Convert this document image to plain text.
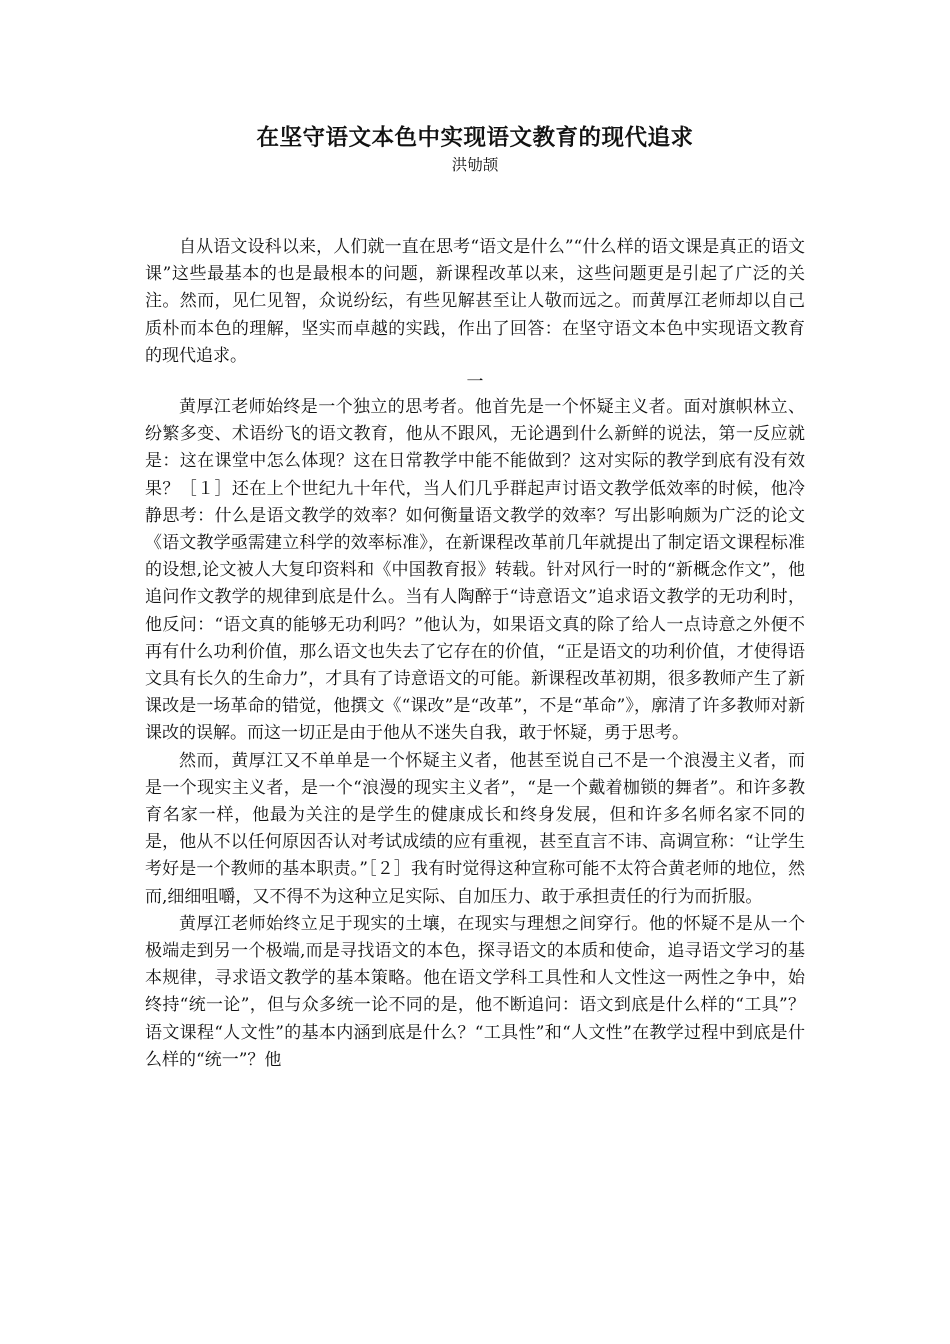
在坚守语文本色中实现语文教育的现代追求

洪劬颉

自从语文设科以来，人们就一直在思考“语文是什么”“什么样的语文课是真正的语文课”这些最基本的也是最根本的问题，新课程改革以来，这些问题更是引起了广泛的关注。然而，见仁见智，众说纷纭，有些见解甚至让人敬而远之。而黄厚江老师却以自己质朴而本色的理解，坚实而卓越的实践，作出了回答：在坚守语文本色中实现语文教育的现代追求。

一

黄厚江老师始终是一个独立的思考者。他首先是一个怀疑主义者。面对旗帜林立、纷繁多变、术语纷飞的语文教育，他从不跟风，无论遇到什么新鲜的说法，第一反应就是：这在课堂中怎么体现？这在日常教学中能不能做到？这对实际的教学到底有没有效果？［１］还在上个世纪九十年代，当人们几乎群起声讨语文教学低效率的时候，他冷静思考：什么是语文教学的效率？如何衡量语文教学的效率？写出影响颇为广泛的论文《语文教学亟需建立科学的效率标准》，在新课程改革前几年就提出了制定语文课程标准的设想,论文被人大复印资料和《中国教育报》转载。针对风行一时的“新概念作文”，他追问作文教学的规律到底是什么。当有人陶醉于“诗意语文”追求语文教学的无功利时，他反问：“语文真的能够无功利吗？”他认为，如果语文真的除了给人一点诗意之外便不再有什么功利价值，那么语文也失去了它存在的价值，“正是语文的功利价值，才使得语文具有长久的生命力”，才具有了诗意语文的可能。新课程改革初期，很多教师产生了新课改是一场革命的错觉，他撰文《“课改”是“改革”，不是“革命”》，廓清了许多教师对新课改的误解。而这一切正是由于他从不迷失自我，敢于怀疑，勇于思考。

然而，黄厚江又不单单是一个怀疑主义者，他甚至说自己不是一个浪漫主义者，而是一个现实主义者，是一个“浪漫的现实主义者”，“是一个戴着枷锁的舞者”。和许多教育名家一样，他最为关注的是学生的健康成长和终身发展，但和许多名师名家不同的是，他从不以任何原因否认对考试成绩的应有重视，甚至直言不讳、高调宣称：“让学生考好是一个教师的基本职责。”［２］我有时觉得这种宣称可能不太符合黄老师的地位，然而,细细咀嚼，又不得不为这种立足实际、自加压力、敢于承担责任的行为而折服。

黄厚江老师始终立足于现实的土壤，在现实与理想之间穿行。他的怀疑不是从一个极端走到另一个极端,而是寻找语文的本色，探寻语文的本质和使命，追寻语文学习的基本规律，寻求语文教学的基本策略。他在语文学科工具性和人文性这一两性之争中，始终持“统一论”，但与众多统一论不同的是，他不断追问：语文到底是什么样的“工具”？语文课程“人文性”的基本内涵到底是什么？“工具性”和“人文性”在教学过程中到底是什么样的“统一”？他
